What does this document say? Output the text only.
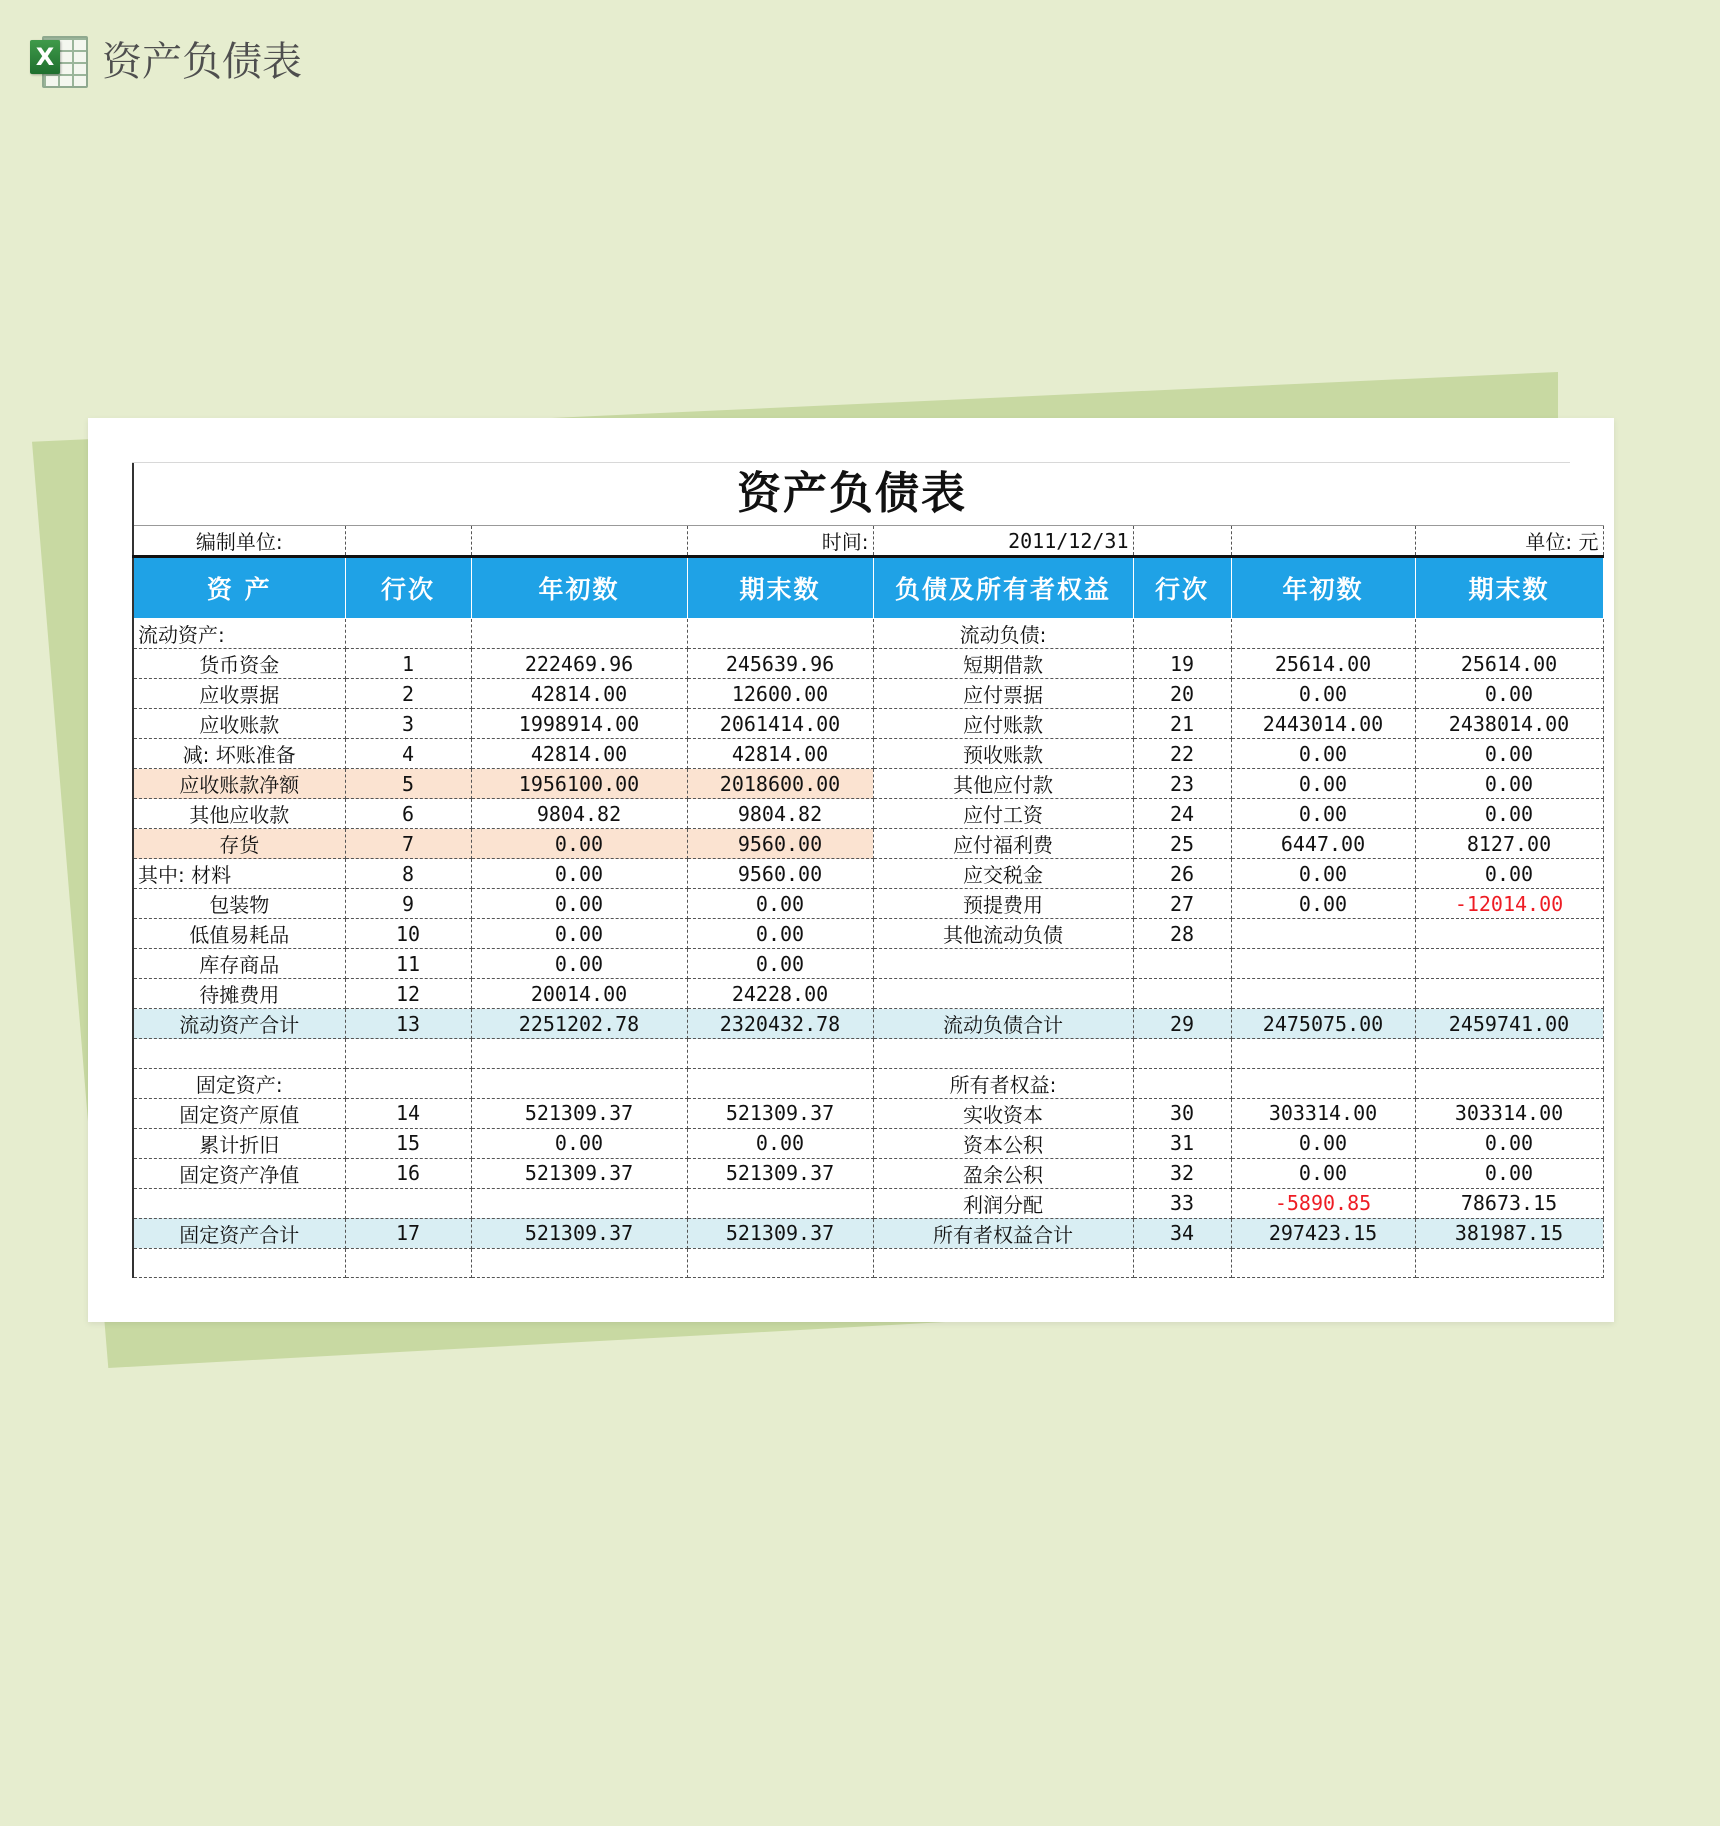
X 资产负债表
资产负债表
编制单位:			时间:	2011/12/31			单位: 元
资 产	行次	年初数	期末数	负债及所有者权益	行次	年初数	期末数
流动资产:				流动负债:			
货币资金	1	222469.96	245639.96	短期借款	19	25614.00	25614.00
应收票据	2	42814.00	12600.00	应付票据	20	0.00	0.00
应收账款	3	1998914.00	2061414.00	应付账款	21	2443014.00	2438014.00
减: 坏账准备	4	42814.00	42814.00	预收账款	22	0.00	0.00
应收账款净额	5	1956100.00	2018600.00	其他应付款	23	0.00	0.00
其他应收款	6	9804.82	9804.82	应付工资	24	0.00	0.00
存货	7	0.00	9560.00	应付福利费	25	6447.00	8127.00
其中: 材料	8	0.00	9560.00	应交税金	26	0.00	0.00
包装物	9	0.00	0.00	预提费用	27	0.00	-12014.00
低值易耗品	10	0.00	0.00	其他流动负债	28		
库存商品	11	0.00	0.00				
待摊费用	12	20014.00	24228.00				
流动资产合计	13	2251202.78	2320432.78	流动负债合计	29	2475075.00	2459741.00

固定资产:				所有者权益:			
固定资产原值	14	521309.37	521309.37	实收资本	30	303314.00	303314.00
累计折旧	15	0.00	0.00	资本公积	31	0.00	0.00
固定资产净值	16	521309.37	521309.37	盈余公积	32	0.00	0.00
				利润分配	33	-5890.85	78673.15
固定资产合计	17	521309.37	521309.37	所有者权益合计	34	297423.15	381987.15
